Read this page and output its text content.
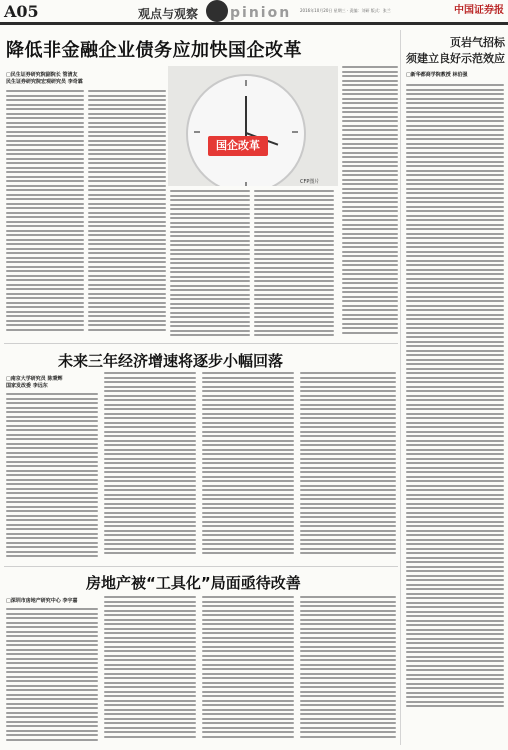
A05	观点与观察 pinion 2016年10月20日 星期三 · 责编：刘研 版式：张兰	中国证券报
降低非金融企业债务应加快国企改革	页岩气招标
须建立良好示范效应
□新华都商学院教授 林伯强
□民生证券研究院副院长 管清友
民生证券研究院宏观研究员 李奇霖
国企改革
CFP图片
未来三年经济增速将逐步小幅回落
□南京大学研究员 陈秉辉
国家发改委 李远东
房地产被“工具化”局面亟待改善
□深圳市房地产研究中心 李宇嘉
